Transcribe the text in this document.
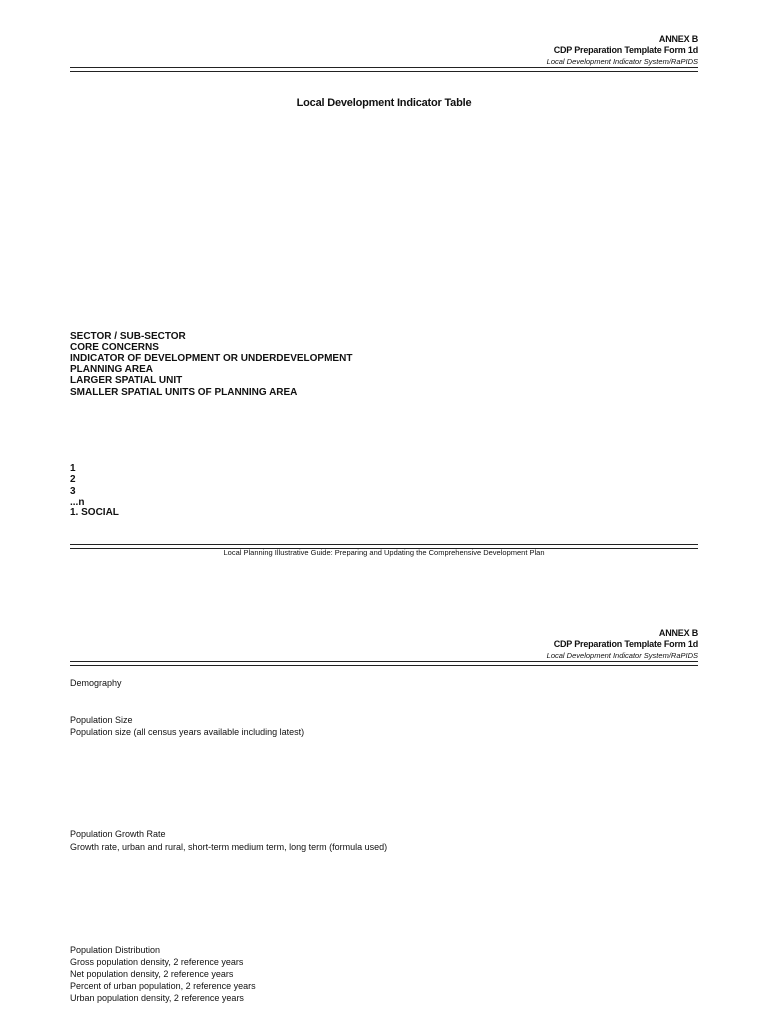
ANNEX B
CDP Preparation Template Form 1d
Local Development Indicator System/RaPIDS
Local Development Indicator Table
SECTOR / SUB-SECTOR
CORE CONCERNS
INDICATOR OF DEVELOPMENT OR UNDERDEVELOPMENT
PLANNING AREA
LARGER SPATIAL UNIT
SMALLER SPATIAL UNITS OF PLANNING AREA
1
2
3
...n
1. SOCIAL
Local Planning Illustrative Guide: Preparing and Updating the Comprehensive Development Plan
ANNEX B
CDP Preparation Template Form 1d
Local Development Indicator System/RaPIDS
Demography
Population Size
Population size (all census years available including latest)
Population Growth Rate
Growth rate, urban and rural, short-term medium term, long term (formula used)
Population Distribution
Gross population density, 2 reference years
Net population density, 2 reference years
Percent of urban population, 2 reference years
Urban population density, 2 reference years
